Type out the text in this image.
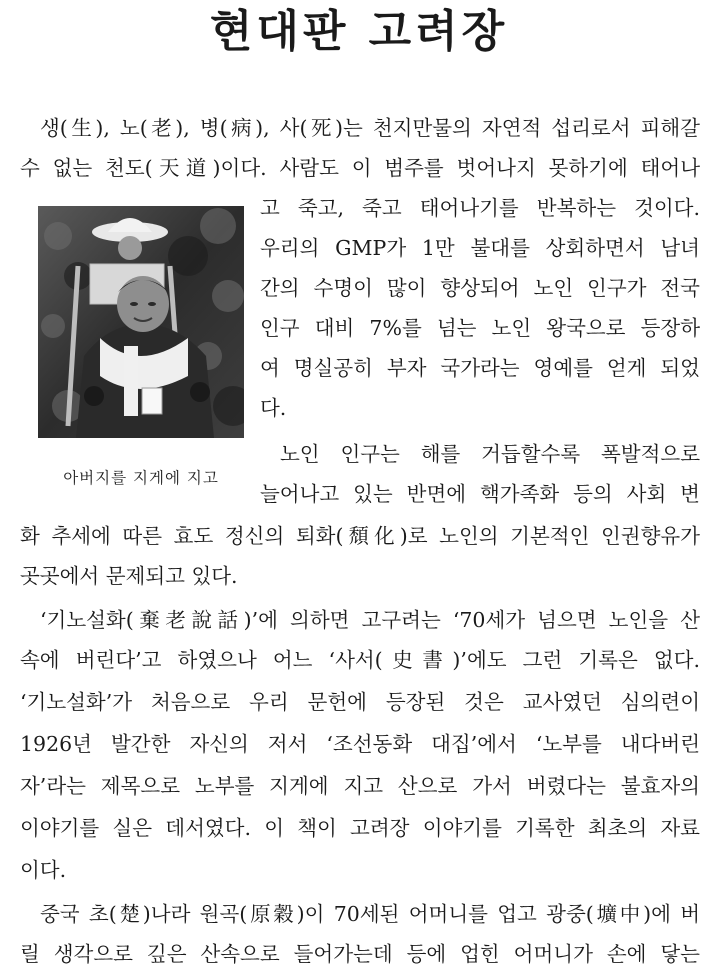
현대판 고려장
생(生), 노(老), 병(病), 사(死)는 천지만물의 자연적 섭리로서 피해갈
수 없는 천도(天道)이다. 사람도 이 범주를 벗어나지 못하기에 태어나
고 죽고, 죽고 태어나기를 반복하는 것이다.
우리의 GMP가 1만 불대를 상회하면서 남녀
간의 수명이 많이 향상되어 노인 인구가 전국
인구 대비 7%를 넘는 노인 왕국으로 등장하
여 명실공히 부자 국가라는 영예를 얻게 되었
다.
노인 인구는 해를 거듭할수록 폭발적으로
늘어나고 있는 반면에 핵가족화 등의 사회 변
화 추세에 따른 효도 정신의 퇴화(頹化)로 노인의 기본적인 인권향유가
곳곳에서 문제되고 있다.
‘기노설화(棄老說話)’에 의하면 고구려는 ‘70세가 넘으면 노인을 산
속에 버린다’고 하였으나 어느 ‘사서(史書)’에도 그런 기록은 없다.
‘기노설화’가 처음으로 우리 문헌에 등장된 것은 교사였던 심의련이
1926년 발간한 자신의 저서 ‘조선동화 대집’에서 ‘노부를 내다버린
자’라는 제목으로 노부를 지게에 지고 산으로 가서 버렸다는 불효자의
이야기를 실은 데서였다. 이 책이 고려장 이야기를 기록한 최초의 자료
이다.
중국 초(楚)나라 원곡(原穀)이 70세된 어머니를 업고 광중(壙中)에 버
릴 생각으로 깊은 산속으로 들어가는데 등에 업힌 어머니가 손에 닿는
아버지를 지게에 지고
